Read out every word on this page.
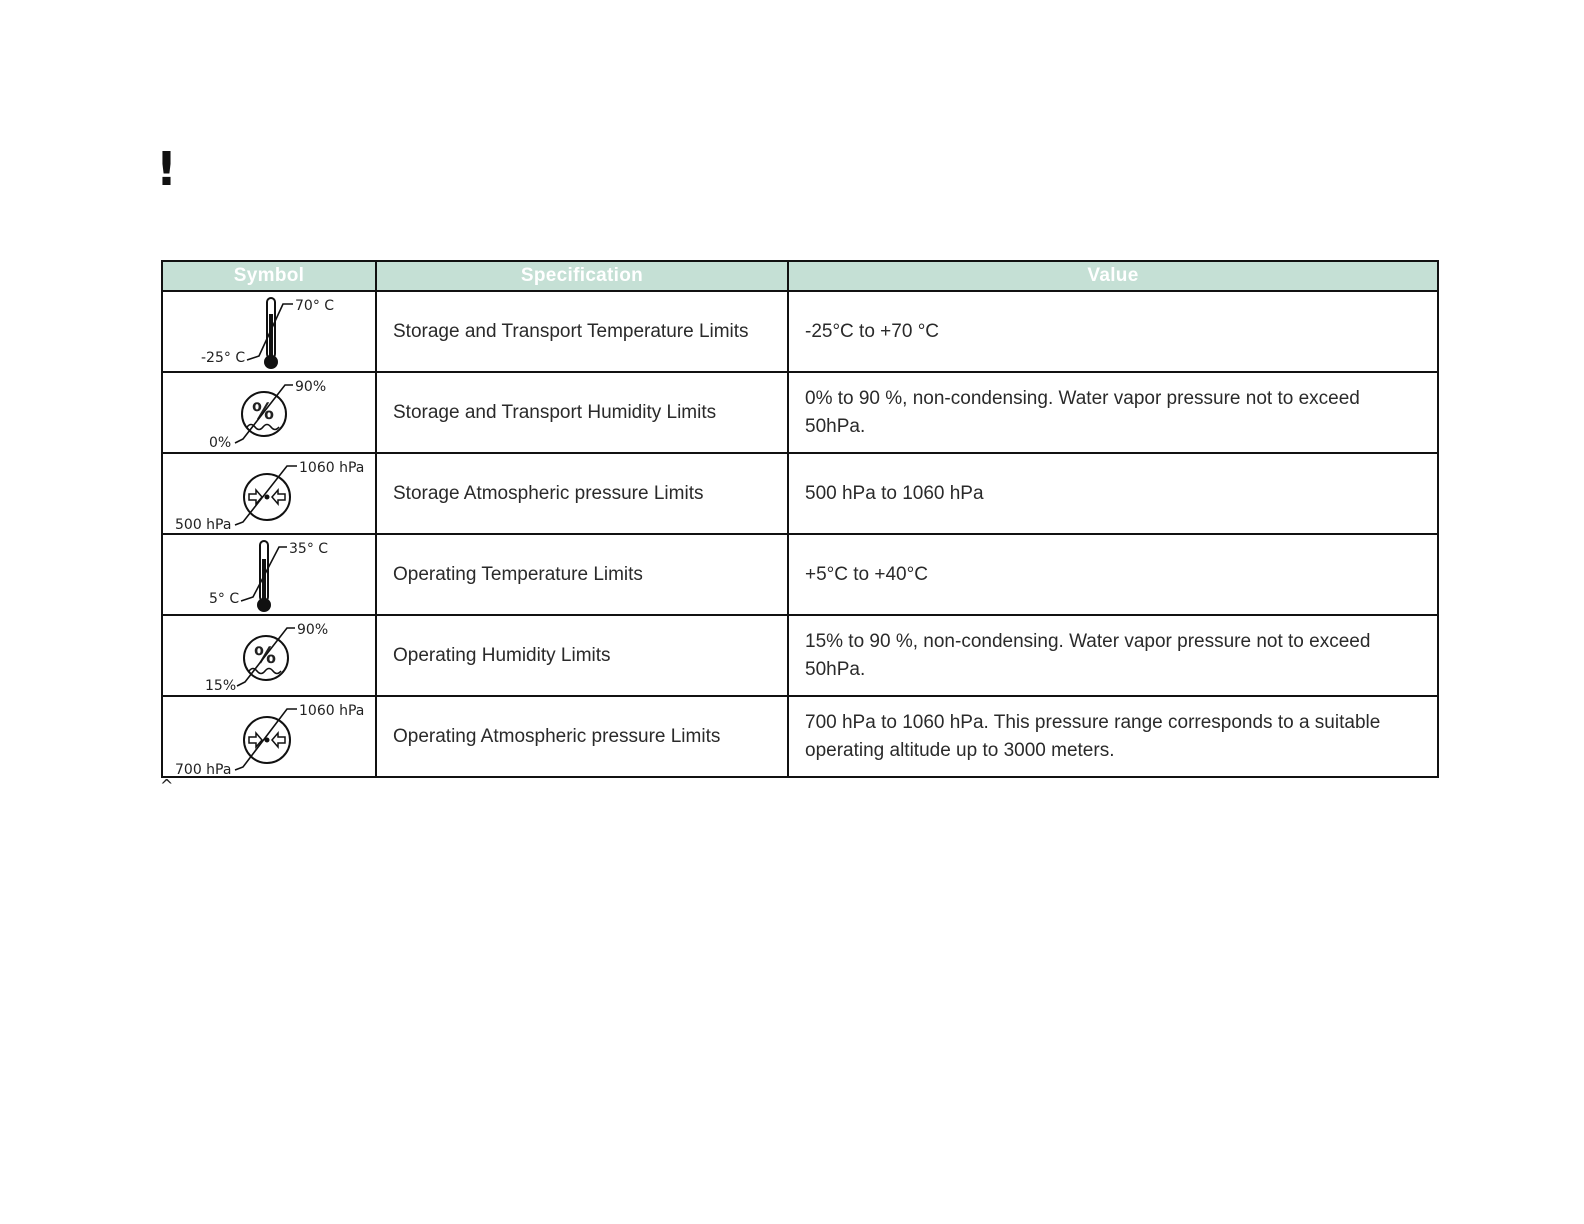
!
Symbol	Specification	Value

70° C
-25° C	Storage and Transport Temperature Limits	-25°C to +70 °C

%
90%
0%	Storage and Transport Humidity Limits	0% to 90 %, non-condensing. Water vapor pressure not to exceed 50hPa.

1060 hPa
500 hPa	Storage Atmospheric pressure Limits	500 hPa to 1060 hPa

35° C
5° C	Operating Temperature Limits	+5°C to +40°C

%
90%
15%	Operating Humidity Limits	15% to 90 %, non-condensing. Water vapor pressure not to exceed 50hPa.

1060 hPa
700 hPa	Operating Atmospheric pressure Limits	700 hPa to 1060 hPa. This pressure range corresponds to a suitable operating altitude up to 3000 meters.
^
